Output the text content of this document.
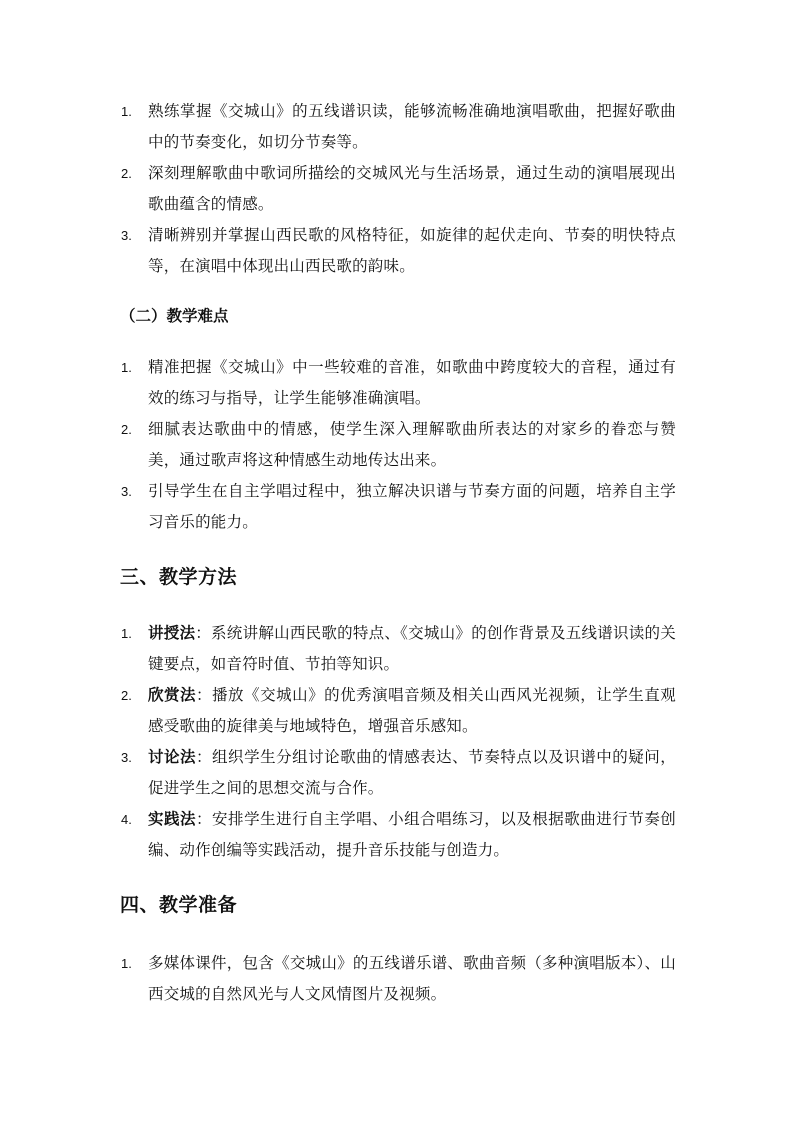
1. 熟练掌握《交城山》的五线谱识读，能够流畅准确地演唱歌曲，把握好歌曲中的节奏变化，如切分节奏等。
2. 深刻理解歌曲中歌词所描绘的交城风光与生活场景，通过生动的演唱展现出歌曲蕴含的情感。
3. 清晰辨别并掌握山西民歌的风格特征，如旋律的起伏走向、节奏的明快特点等，在演唱中体现出山西民歌的韵味。
（二）教学难点
1. 精准把握《交城山》中一些较难的音准，如歌曲中跨度较大的音程，通过有效的练习与指导，让学生能够准确演唱。
2. 细腻表达歌曲中的情感，使学生深入理解歌曲所表达的对家乡的眷恋与赞美，通过歌声将这种情感生动地传达出来。
3. 引导学生在自主学唱过程中，独立解决识谱与节奏方面的问题，培养自主学习音乐的能力。
三、教学方法
1. 讲授法：系统讲解山西民歌的特点、《交城山》的创作背景及五线谱识读的关键要点，如音符时值、节拍等知识。
2. 欣赏法：播放《交城山》的优秀演唱音频及相关山西风光视频，让学生直观感受歌曲的旋律美与地域特色，增强音乐感知。
3. 讨论法：组织学生分组讨论歌曲的情感表达、节奏特点以及识谱中的疑问，促进学生之间的思想交流与合作。
4. 实践法：安排学生进行自主学唱、小组合唱练习，以及根据歌曲进行节奏创编、动作创编等实践活动，提升音乐技能与创造力。
四、教学准备
1. 多媒体课件，包含《交城山》的五线谱乐谱、歌曲音频（多种演唱版本）、山西交城的自然风光与人文风情图片及视频。
